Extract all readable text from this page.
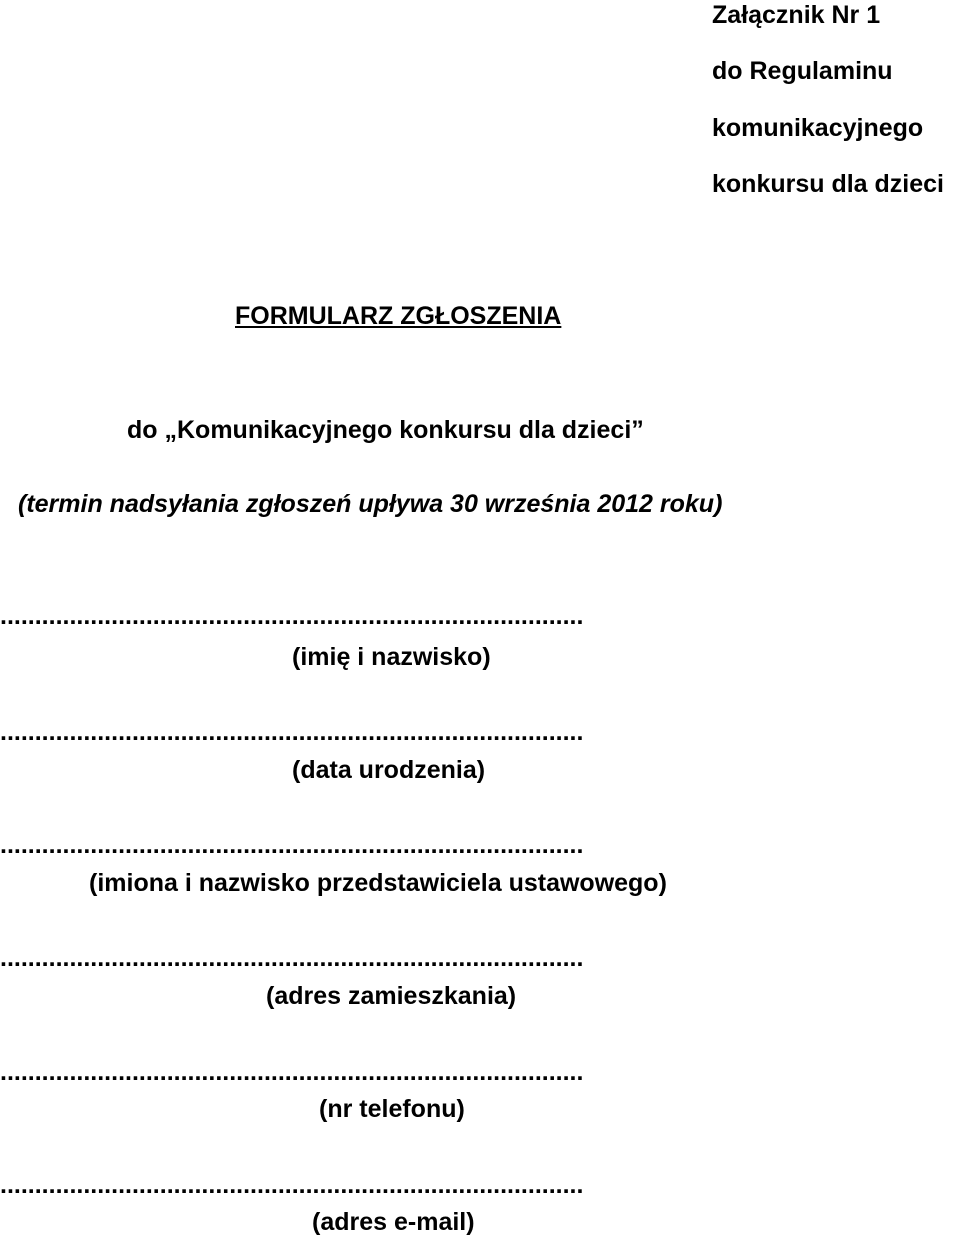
Załącznik Nr 1
do Regulaminu
komunikacyjnego
konkursu dla dzieci
FORMULARZ ZGŁOSZENIA
do „Komunikacyjnego konkursu dla dzieci”
(termin nadsyłania zgłoszeń upływa 30 września 2012 roku)
....................................................................................
(imię i nazwisko)
....................................................................................
(data urodzenia)
....................................................................................
(imiona i nazwisko przedstawiciela ustawowego)
....................................................................................
(adres zamieszkania)
....................................................................................
(nr telefonu)
....................................................................................
(adres e-mail)
